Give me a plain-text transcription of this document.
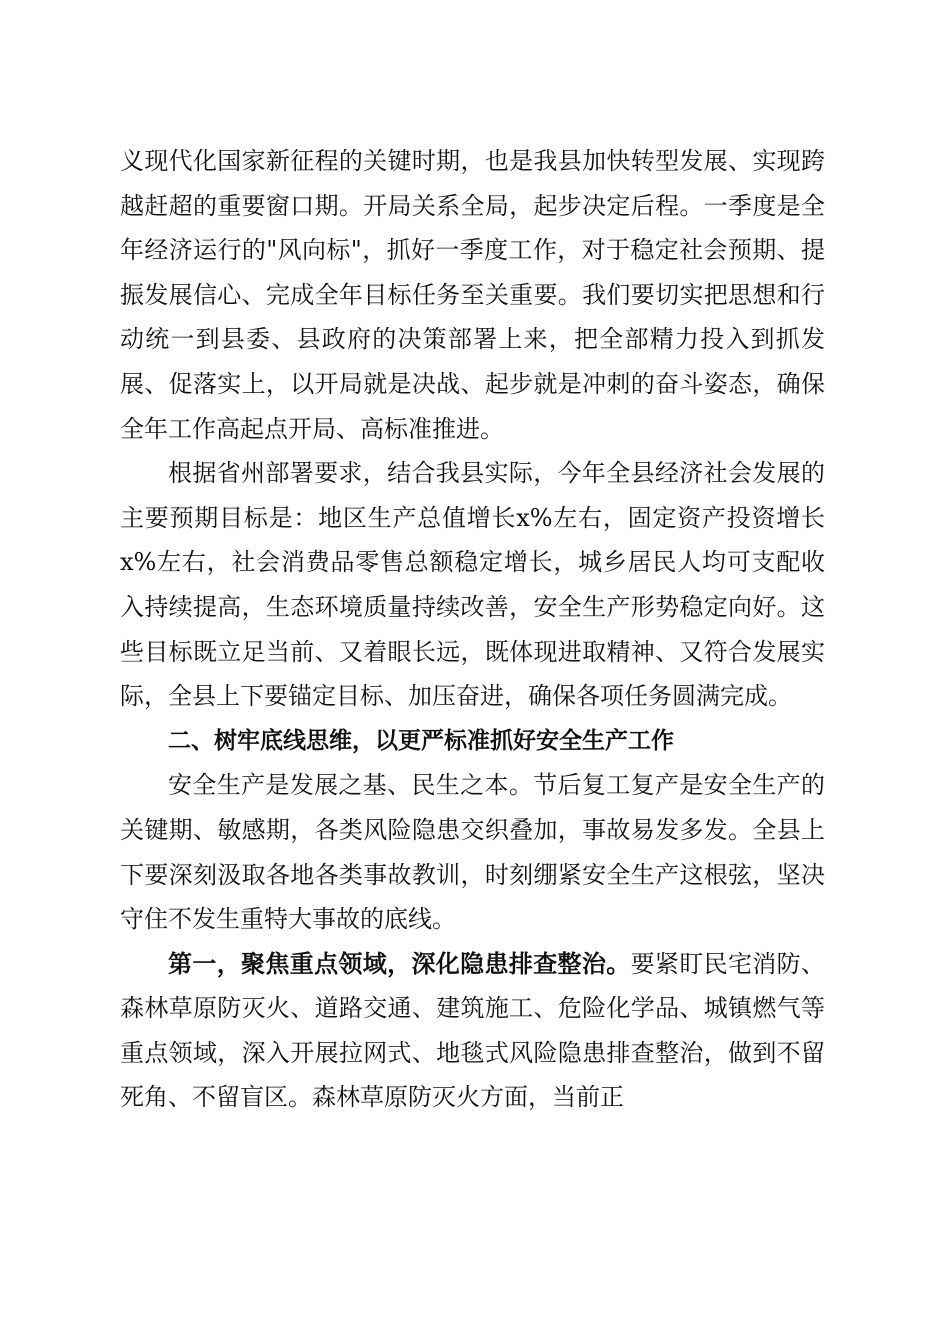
义现代化国家新征程的关键时期，也是我县加快转型发展、实现跨越赶超的重要窗口期。开局关系全局，起步决定后程。一季度是全年经济运行的"风向标"，抓好一季度工作，对于稳定社会预期、提振发展信心、完成全年目标任务至关重要。我们要切实把思想和行动统一到县委、县政府的决策部署上来，把全部精力投入到抓发展、促落实上，以开局就是决战、起步就是冲刺的奋斗姿态，确保全年工作高起点开局、高标准推进。

根据省州部署要求，结合我县实际，今年全县经济社会发展的主要预期目标是：地区生产总值增长x%左右，固定资产投资增长x%左右，社会消费品零售总额稳定增长，城乡居民人均可支配收入持续提高，生态环境质量持续改善，安全生产形势稳定向好。这些目标既立足当前、又着眼长远，既体现进取精神、又符合发展实际，全县上下要锚定目标、加压奋进，确保各项任务圆满完成。

二、树牢底线思维，以更严标准抓好安全生产工作

安全生产是发展之基、民生之本。节后复工复产是安全生产的关键期、敏感期，各类风险隐患交织叠加，事故易发多发。全县上下要深刻汲取各地各类事故教训，时刻绷紧安全生产这根弦，坚决守住不发生重特大事故的底线。

第一，聚焦重点领域，深化隐患排查整治。要紧盯民宅消防、森林草原防灭火、道路交通、建筑施工、危险化学品、城镇燃气等重点领域，深入开展拉网式、地毯式风险隐患排查整治，做到不留死角、不留盲区。森林草原防灭火方面，当前正
